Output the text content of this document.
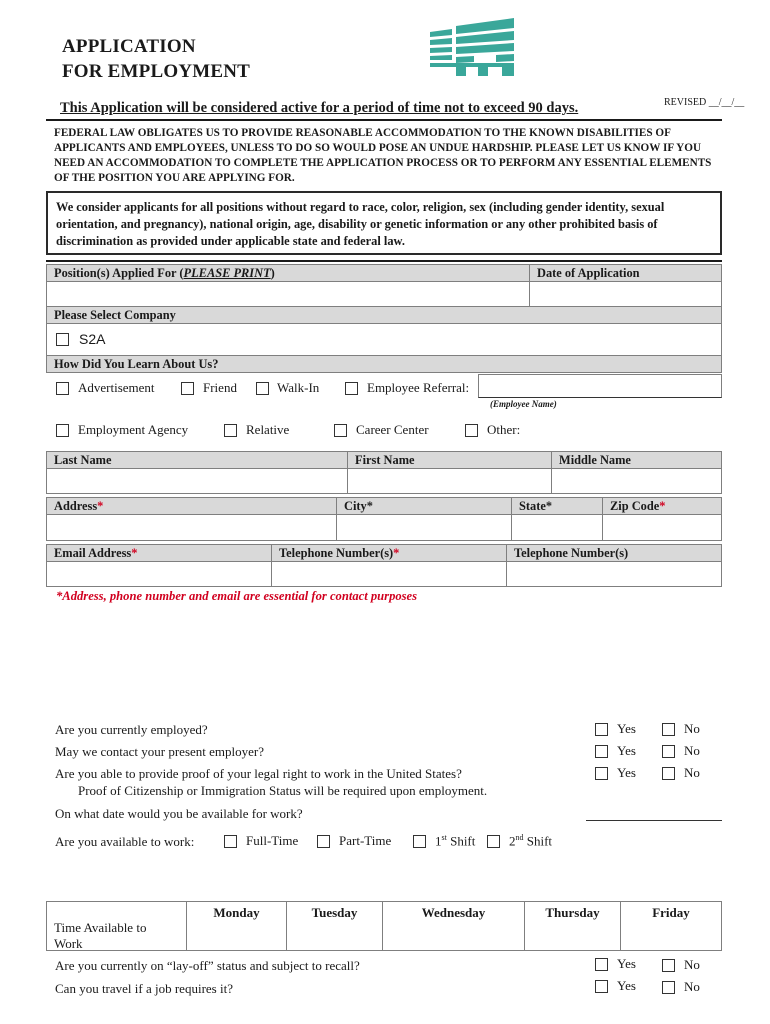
APPLICATION
FOR EMPLOYMENT
This Application will be considered active for a period of time not to exceed 90 days.	REVISED __/__/__
FEDERAL LAW OBLIGATES US TO PROVIDE REASONABLE ACCOMMODATION TO THE KNOWN DISABILITIES OF APPLICANTS AND EMPLOYEES, UNLESS TO DO SO WOULD POSE AN UNDUE HARDSHIP. PLEASE LET US KNOW IF YOU NEED AN ACCOMMODATION TO COMPLETE THE APPLICATION PROCESS OR TO PERFORM ANY ESSENTIAL ELEMENTS OF THE POSITION YOU ARE APPLYING FOR.
We consider applicants for all positions without regard to race, color, religion, sex (including gender identity, sexual orientation, and pregnancy), national origin, age, disability or genetic information or any other prohibited basis of discrimination as provided under applicable state and federal law.
Position(s) Applied For (PLEASE PRINT)	Date of Application
Please Select Company
S2A
How Did You Learn About Us?
Advertisement	Friend	Walk-In	Employee Referral:
(Employee Name)
Employment Agency	Relative	Career Center	Other:
Last Name	First Name	Middle Name
Address*	City*	State*	Zip Code*
Email Address*	Telephone Number(s)*	Telephone Number(s)
*Address, phone number and email are essential for contact purposes
Are you currently employed?	Yes	No
May we contact your present employer?	Yes	No
Are you able to provide proof of your legal right to work in the United States?
Proof of Citizenship or Immigration Status will be required upon employment.
Yes	No
On what date would you be available for work?
Are you available to work:	Full-Time	Part-Time	1st Shift	2nd Shift
Time Available to Work
Monday	Tuesday	Wednesday	Thursday	Friday
Are you currently on “lay-off” status and subject to recall?	Yes	No
Can you travel if a job requires it?	Yes	No
